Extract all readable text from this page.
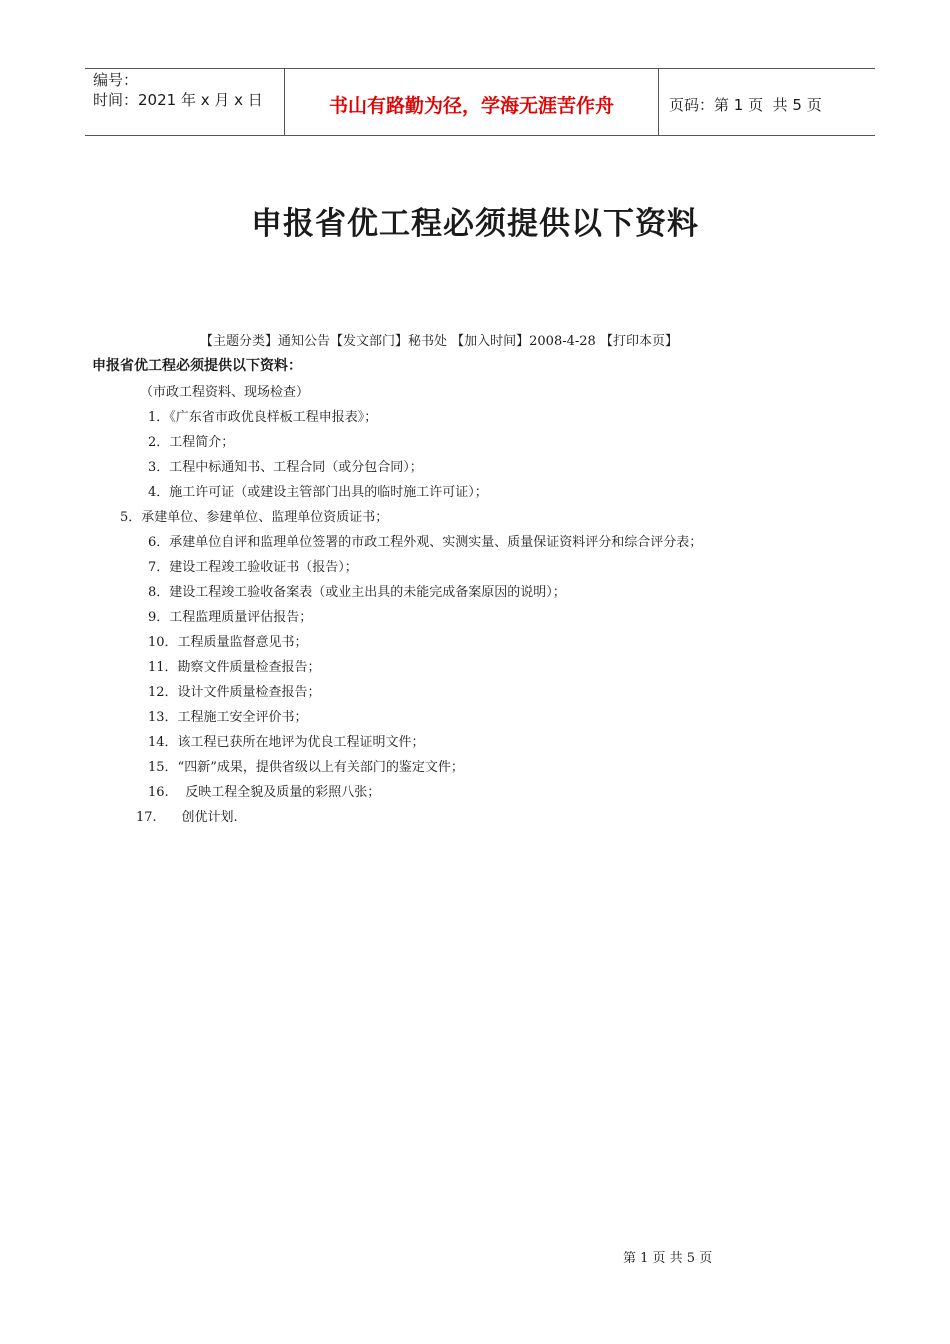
编号：
时间：2021 年 x 月 x 日	书山有路勤为径，学海无涯苦作舟	页码：第 1 页  共 5 页
申报省优工程必须提供以下资料
【主题分类】通知公告【发文部门】秘书处 【加入时间】2008-4-28 【打印本页】
申报省优工程必须提供以下资料：
（市政工程资料、现场检查）
1．《广东省市政优良样板工程申报表》；
2．工程简介；
3．工程中标通知书、工程合同（或分包合同）；
4．施工许可证（或建设主管部门出具的临时施工许可证）；
5．承建单位、参建单位、监理单位资质证书；
6．承建单位自评和监理单位签署的市政工程外观、实测实量、质量保证资料评分和综合评分表；
7．建设工程竣工验收证书（报告）；
8．建设工程竣工验收备案表（或业主出具的未能完成备案原因的说明）；
9．工程监理质量评估报告；
10．工程质量监督意见书；
11．勘察文件质量检查报告；
12．设计文件质量检查报告；
13．工程施工安全评价书；
14．该工程已获所在地评为优良工程证明文件；
15．“四新”成果，提供省级以上有关部门的鉴定文件；
16.    反映工程全貌及质量的彩照八张；
17.      创优计划.
第 1 页 共 5 页
